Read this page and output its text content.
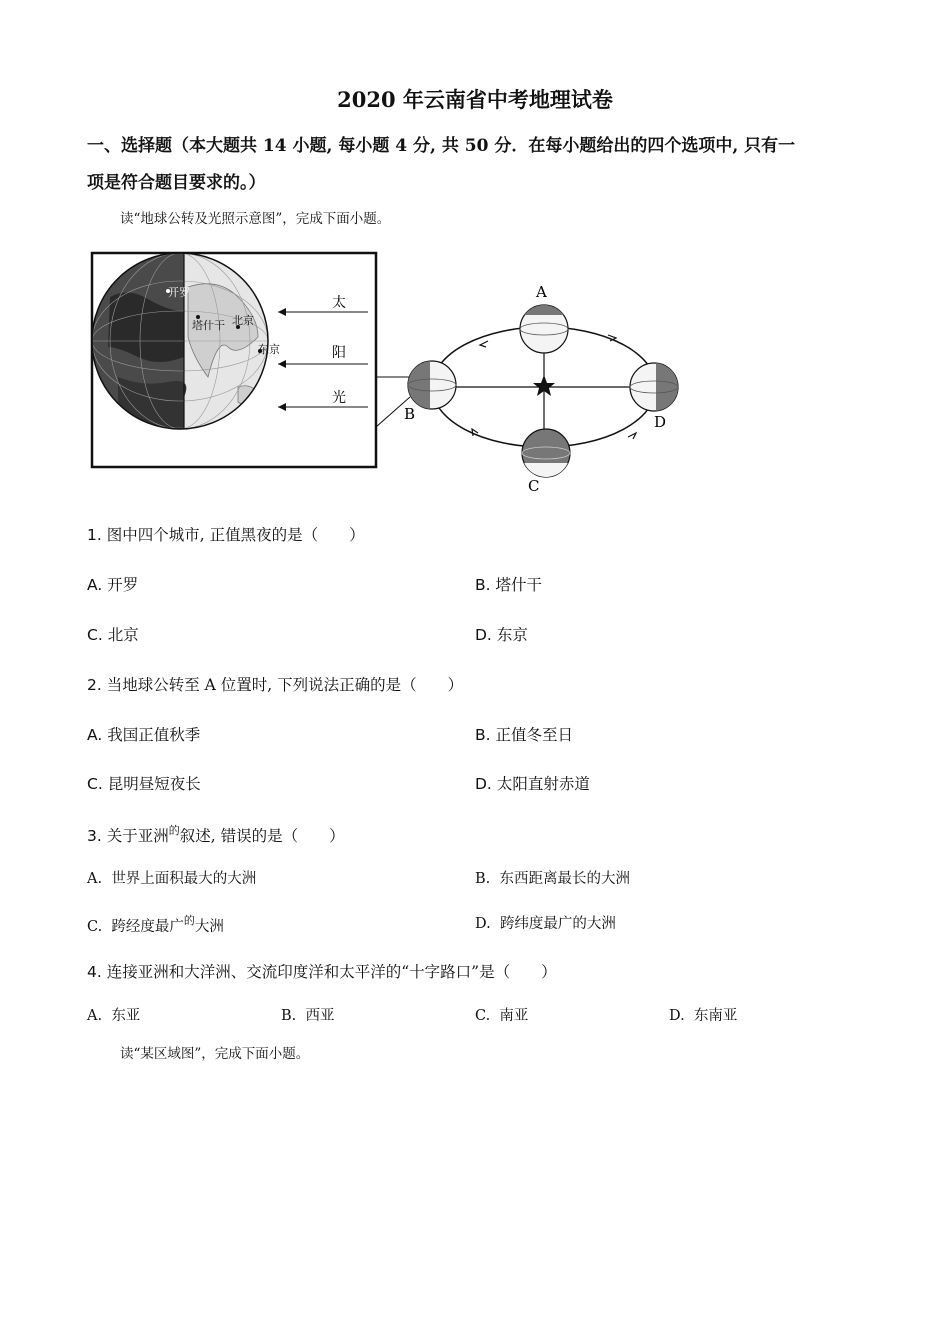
2020 年云南省中考地理试卷
一、选择题（本大题共 14 小题, 每小题 4 分, 共 50 分．在每小题给出的四个选项中, 只有一
项是符合题目要求的。）
读“地球公转及光照示意图”，完成下面小题。
开罗
塔什干 北京
东京
太
阳
光
A
B
C
D
1. 图中四个城市, 正值黑夜的是（　　）
A. 开罗	B. 塔什干
C. 北京	D. 东京
2. 当地球公转至 A 位置时, 下列说法正确的是（　　）
A. 我国正值秋季	B. 正值冬至日
C. 昆明昼短夜长	D. 太阳直射赤道
3. 关于亚洲$^的$叙述, 错误的是（　　）
A. 世界上面积最大的大洲	B. 东西距离最长的大洲
C. 跨经度最广$^的$大洲	D. 跨纬度最广的大洲
4. 连接亚洲和大洋洲、交流印度洋和太平洋的“十字路口”是（　　）
A. 东亚	B. 西亚	C. 南亚	D. 东南亚
读“某区域图”，完成下面小题。
